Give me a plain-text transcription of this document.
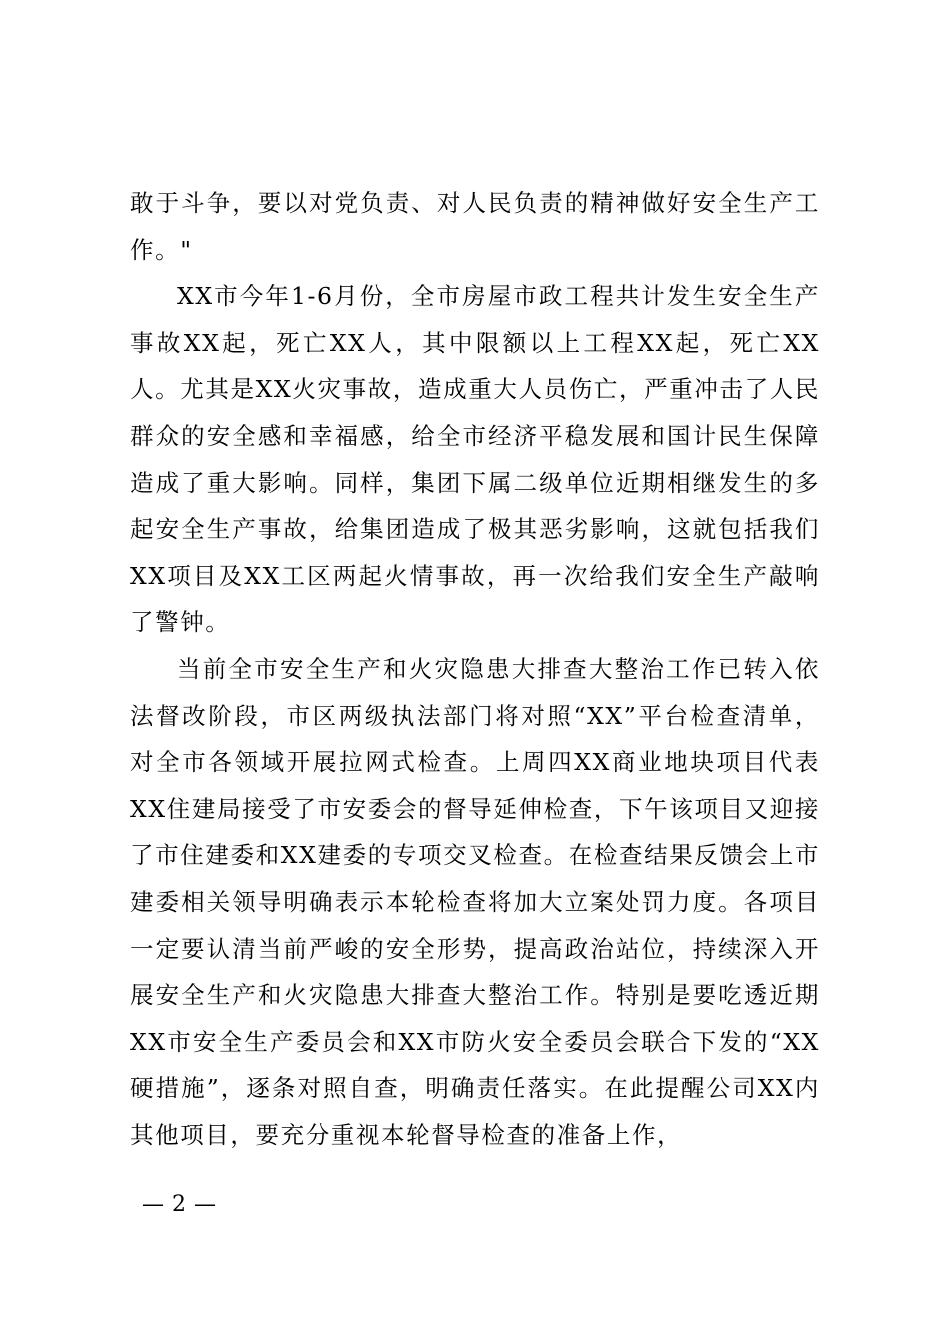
敢于斗争，要以对党负责、对人民负责的精神做好安全生产工作。"

XX市今年1-6月份，全市房屋市政工程共计发生安全生产事故XX起，死亡XX人，其中限额以上工程XX起，死亡XX人。尤其是XX火灾事故，造成重大人员伤亡，严重冲击了人民群众的安全感和幸福感，给全市经济平稳发展和国计民生保障造成了重大影响。同样，集团下属二级单位近期相继发生的多起安全生产事故，给集团造成了极其恶劣影响，这就包括我们XX项目及XX工区两起火情事故，再一次给我们安全生产敲响了警钟。

当前全市安全生产和火灾隐患大排查大整治工作已转入依法督改阶段，市区两级执法部门将对照“XX”平台检查清单，对全市各领域开展拉网式检查。上周四XX商业地块项目代表XX住建局接受了市安委会的督导延伸检查，下午该项目又迎接了市住建委和XX建委的专项交叉检查。在检查结果反馈会上市建委相关领导明确表示本轮检查将加大立案处罚力度。各项目一定要认清当前严峻的安全形势，提高政治站位，持续深入开展安全生产和火灾隐患大排查大整治工作。特别是要吃透近期XX市安全生产委员会和XX市防火安全委员会联合下发的“XX硬措施”，逐条对照自查，明确责任落实。在此提醒公司XX内其他项目，要充分重视本轮督导检查的准备上作，

— 2 —
